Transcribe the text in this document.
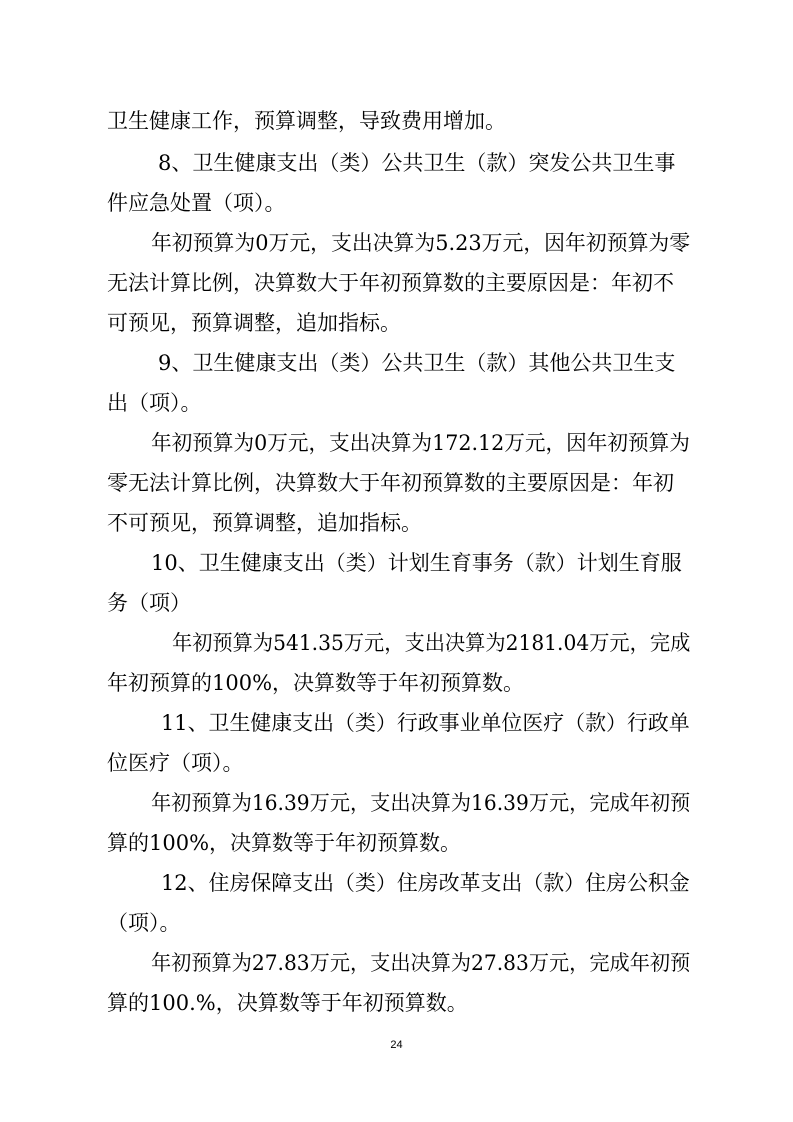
卫生健康工作，预算调整，导致费用增加。
8、卫生健康支出（类）公共卫生（款）突发公共卫生事
件应急处置（项）。
年初预算为0万元，支出决算为5.23万元，因年初预算为零
无法计算比例，决算数大于年初预算数的主要原因是：年初不
可预见，预算调整，追加指标。
9、卫生健康支出（类）公共卫生（款）其他公共卫生支
出（项）。
年初预算为0万元，支出决算为172.12万元，因年初预算为
零无法计算比例，决算数大于年初预算数的主要原因是：年初
不可预见，预算调整，追加指标。
10、卫生健康支出（类）计划生育事务（款）计划生育服
务（项）
年初预算为541.35万元，支出决算为2181.04万元，完成
年初预算的100%，决算数等于年初预算数。
11、卫生健康支出（类）行政事业单位医疗（款）行政单
位医疗（项）。
年初预算为16.39万元，支出决算为16.39万元，完成年初预
算的100%，决算数等于年初预算数。
12、住房保障支出（类）住房改革支出（款）住房公积金
（项）。
年初预算为27.83万元，支出决算为27.83万元，完成年初预
算的100.%，决算数等于年初预算数。
24
